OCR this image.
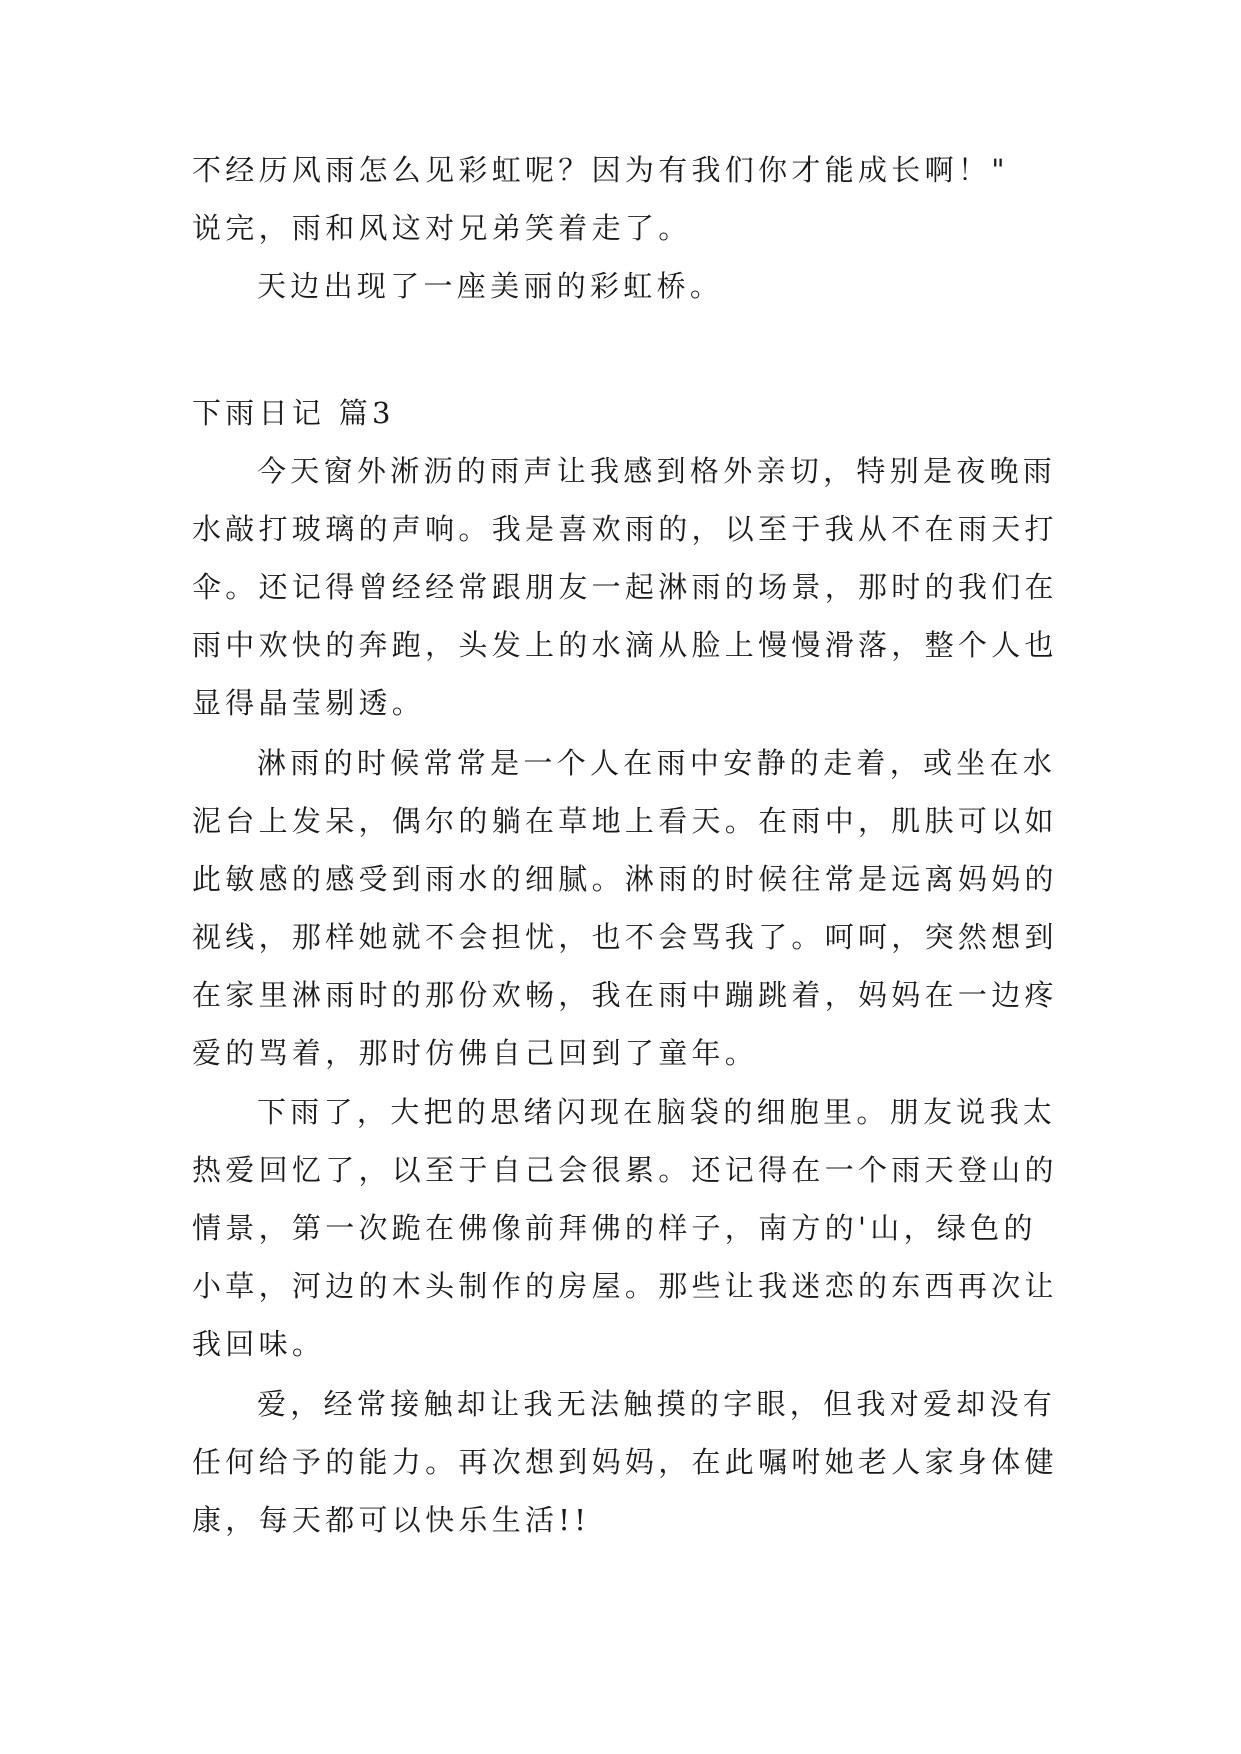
不经历风雨怎么见彩虹呢？因为有我们你才能成长啊！"
说完，雨和风这对兄弟笑着走了。
天边出现了一座美丽的彩虹桥。
下雨日记 篇3
今天窗外淅沥的雨声让我感到格外亲切，特别是夜晚雨
水敲打玻璃的声响。我是喜欢雨的，以至于我从不在雨天打
伞。还记得曾经经常跟朋友一起淋雨的场景，那时的我们在
雨中欢快的奔跑，头发上的水滴从脸上慢慢滑落，整个人也
显得晶莹剔透。
淋雨的时候常常是一个人在雨中安静的走着，或坐在水
泥台上发呆，偶尔的躺在草地上看天。在雨中，肌肤可以如
此敏感的感受到雨水的细腻。淋雨的时候往常是远离妈妈的
视线，那样她就不会担忧，也不会骂我了。呵呵，突然想到
在家里淋雨时的那份欢畅，我在雨中蹦跳着，妈妈在一边疼
爱的骂着，那时仿佛自己回到了童年。
下雨了，大把的思绪闪现在脑袋的细胞里。朋友说我太
热爱回忆了，以至于自己会很累。还记得在一个雨天登山的
情景，第一次跪在佛像前拜佛的样子，南方的'山，绿色的
小草，河边的木头制作的房屋。那些让我迷恋的东西再次让
我回味。
爱，经常接触却让我无法触摸的字眼，但我对爱却没有
任何给予的能力。再次想到妈妈，在此嘱咐她老人家身体健
康，每天都可以快乐生活!!
